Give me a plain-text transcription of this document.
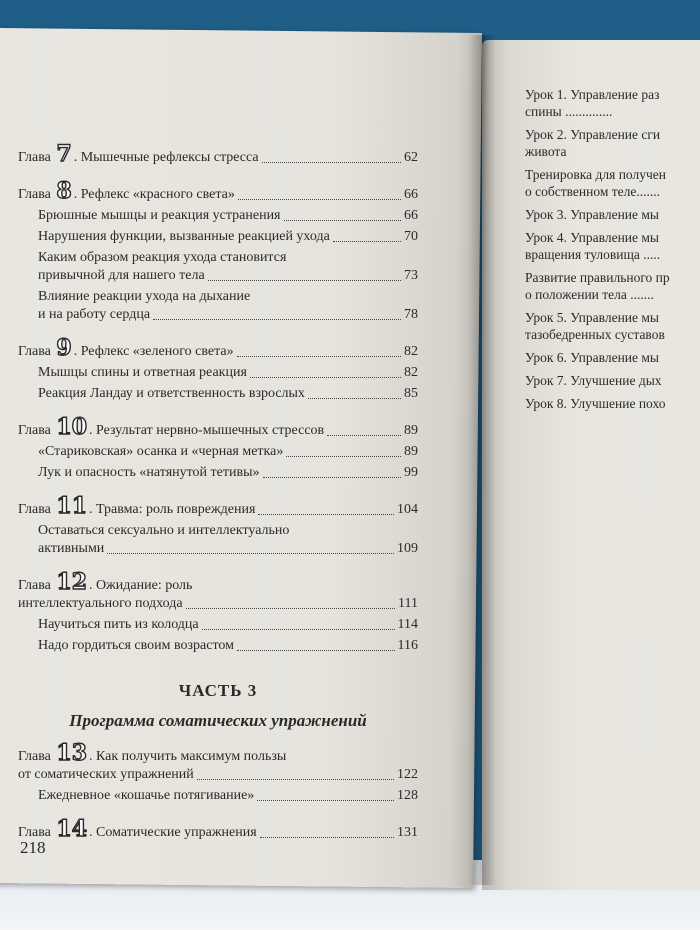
Глава 7 . Мышечные рефлексы стресса	62
Глава 8 . Рефлекс «красного света»	66
Брюшные мышцы и реакция устранения	66
Нарушения функции, вызванные реакцией ухода	70
Каким образом реакция ухода становится
привычной для нашего тела	73
Влияние реакции ухода на дыхание
и на работу сердца	78
Глава 9 . Рефлекс «зеленого света»	82
Мышцы спины и ответная реакция	82
Реакция Ландау и ответственность взрослых	85
Глава 10 . Результат нервно-мышечных стрессов	89
«Стариковская» осанка и «черная метка»	89
Лук и опасность «натянутой тетивы»	99
Глава 11 . Травма: роль повреждения	104
Оставаться сексуально и интеллектуально
активными	109
Глава 12 . Ожидание: роль
интеллектуального подхода	111
Научиться пить из колодца	114
Надо гордиться своим возрастом	116
ЧАСТЬ 3
Программа соматических упражнений
Глава 13 . Как получить максимум пользы
от соматических упражнений	122
Ежедневное «кошачье потягивание»	128
Глава 14 . Соматические упражнения	131
218
Урок 1. Управление раз
спины ..............
Урок 2. Управление сги
живота
Тренировка для получен
о собственном теле.......
Урок 3. Управление мы
Урок 4. Управление мы
вращения туловища .....
Развитие правильного пр
о положении тела .......
Урок 5. Управление мы
тазобедренных суставов
Урок 6. Управление мы
Урок 7. Улучшение дых
Урок 8. Улучшение похо
